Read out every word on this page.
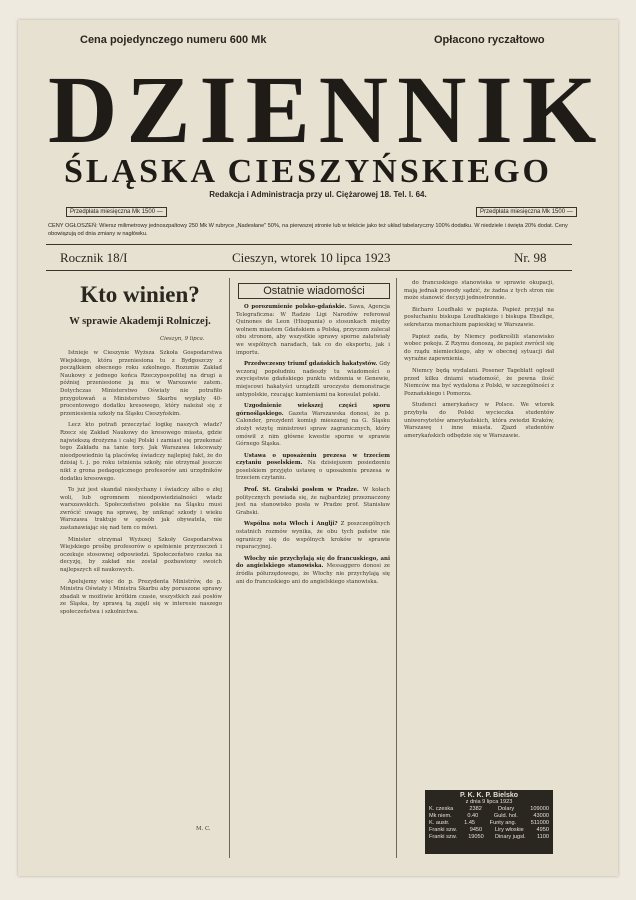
Cena pojedynczego numeru 600 Mk	Opłacono ryczałtowo
DZIENNIK
ŚLĄSKA CIESZYŃSKIEGO
Przedpłata miesięczna Mk 1500 —	Przedpłata miesięczna Mk 1500 —
Redakcja i Administracja przy ul. Ciężarowej 18. Tel. l. 64.
CENY OGŁOSZEŃ: Wiersz milimetrowy jednoszpaltowy 250 Mk W rubryce „Nadesłane" 50%, na pierwszej stronie lub w tekście jako też układ tabelaryczny 100% dodatku. W niedziele i święta 20% dodat. Ceny obowiązują od dnia zmiany w nagłówku.
Rocznik 18/I	Cieszyn, wtorek 10 lipca 1923	Nr. 98
Kto winien?
W sprawie Akademji Rolniczej.
Cieszyn, 9 lipca.

Istnieje w Cieszynie Wyższa Szkoła Gospodarstwa Wiejskiego, która przeniesiona tu z Bydgoszczy z początkiem obecnego roku szkolnego. Rozumie Zakład Naukowy z jednego końca Rzeczypospolitej na drugi a później przeniesione ją mu w Warszawie zatem. Dotychczas Ministerstwo Oświaty nie potrafiło przygotowań a Ministerstwo Skarbu wypłaty 40-procentowego dodatku kresowego, który należał się z przeniesienia szkoły na Śląsku Cieszyńskim.

Lecz kto potrafi przeczytać logikę naszych władz? Rzecz się Zakład Naukowy do kresowego miasta, gdzie najwiekszą drożyzna i całej Polski i zamiast się przekonać tego Zakładu na tanie tory. Jak Warszawa lekceważy nieodpowiednio tą placówkę świadczy najlepiej fakt, że do dzisiaj t. j. po roku istnienia szkoły, nie otrzymał jeszcze nikt z grona pedagogicznego profesorów ani urzędników dodatku kresowego.

To już jest skandal niesłychany i świadczy albo o złej woli, lub ogromnem nieodpowiedzialności władz warszawskich. Społeczeństwo polskie na Śląsku musi zwrócić uwagę na sprawę, by uniknąć szkody i wieku Warszawa traktuje w sposób jak obywatela, nie zastanawiając się nad tem co mówi.

Minister otrzymał Wyższej Szkoły Gospodarstwa Wiejskiego prośbę profesorów o spełnienie przyrzeczeń i oczekuje stosownej odpowiedzi. Społeczeństwo czeka na decyzję, by zakład nie został pozbawiony swoich najlepszych sił naukowych.

Apelujemy więc do p. Prezydenta Ministrów, do p. Ministra Oświaty i Ministra Skarbu aby poruszone sprawy zbadali w możliwie krótkim czasie, wszystkich zaś posłów ze Śląska, by sprawą tą zajęli się w interesie naszego społeczeństwa i szkolnictwa.

M. C.
Ostatnie wiadomości

O porozumienie polsko-gdańskie. Sawa, Agencja Telegraficzna: W Radzie Ligi Narodów referował Quinones de Leon (Hiszpania) o stosunkach między wolnem miastem Gdańskiem a Polską, przyczem zalecał obu stronom, aby wszystkie sprawy sporne załatwiały we wspólnych naradach, tak co do eksportu, jak i importu.

Przedwczesny triumf gdańskich hakatystów. Gdy wczoraj popołudniu nadeszły tu wiadomości o zwycięstwie gdańskiego punktu widzenia w Genewie, miejscowi hakatyści urządzili uroczyste demonstracje antypolskie, rzucając kamieniami na konsulat polski.

Uzgodnienie wiekszej części sporu górnośląskiego. Gazeta Warszawska donosi, że p. Calonder, prezydent komisji mieszanej na G. Śląsku złożył wizytę ministrowi spraw zagranicznych, który omówił z nim główne kwestie sporne w sprawie Górnego Śląska.

Ustawa o uposażeniu prezesa w trzeciem czytaniu poselskiem. Na dzisiejszem posiedzeniu poselskiem przyjęto ustawę o uposażeniu prezesa w trzeciem czytaniu.

Prof. St. Grabski posłem w Pradze. W kołach politycznych powiada się, że najbardziej przeznaczony jest na stanowisko posła w Pradze prof. Stanisław Grabski.

Wspólna nota Włoch i Anglji? Z poszczególnych ostatnich rozmów wynika, że obu tych państw nie ograniczy się do wspólnych kroków w sprawie reparacyjnej.

Włochy nie przychylają się do francuskiego, ani do angielskiego stanowiska. Messaggero donosi ze źródła półurzędowego, że Włochy nie przychylają się ani do francuskiego ani do angielskiego stanowiska.

do francuskiego stanowiska w sprawie okupacji, mają jednak powody sądzić, że żadna z tych stron nie może stanowić decyzji jednostronnie.

Bicharo Loudhaki w papieża. Papież przyjął na posłuchaniu biskupa Loudhakiego i biskupa Ebszlige, sekretarza monachium papieskiej w Warszawie.

Papież zada, by Niemcy podkreślili stanowisko wobec pokoju. Z Rzymu donoszą, że papież zwrócił się do rządu niemieckiego, aby w obecnej sytuacji dał wyraźne zapewnienia.

Niemcy będą wydalani. Posener Tageblatt ogłosił przed kilku dniami wiadomość, że pewna ilość Niemców ma być wydalona z Polski, w szczególności z Poznańskiego i Pomorza.

Studenci amerykańscy w Polsce. We wtorek przybyła do Polski wycieczka studentów uniwersytetów amerykańskich, która zwiedzi Kraków, Warszawę i inne miasta. Zjazd studentów amerykańskich odbędzie się w Warszawie.

P. K. K. P. Bielsko
z dnia 9 lipca 1923
K. czeska	2382	Dolary	109000
Mk niem.	0.40	Guld. hol.	43000
K. austr.	1.45	Funty ang.	511000
Franki szw. 9450 Liry włoskie 4950
Franki szw. 19050 Dinary jugsl. 1100
